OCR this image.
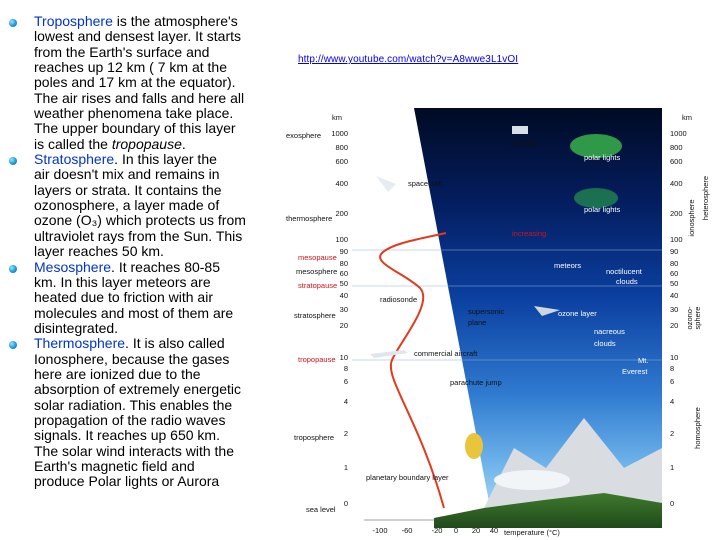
Troposphere is the atmosphere's
lowest and densest layer. It starts
from the Earth's surface and
reaches up 12 km ( 7 km at the
poles and 17 km at the equator).
The air rises and falls and here all
weather phenomena take place.
The upper boundary of this layer
is called the tropopause.
Stratosphere. In this layer the
air doesn't mix and remains in
layers or strata. It contains the
ozonosphere, a layer made of
ozone (O₃) which protects us from
ultraviolet rays from the Sun. This
layer reaches 50 km.
Mesosphere. It reaches 80-85
km. In this layer meteors are
heated due to friction with air
molecules and most of them are
disintegrated.
Thermosphere. It is also called
Ionosphere, because the gases
here are ionized due to the
absorption of extremely energetic
solar radiation. This enables the
propagation of the radio waves
signals. It reaches up 650 km.
The solar wind interacts with the
Earth's magnetic field and
produce Polar lights or Aurora
http://www.youtube.com/watch?v=A8wwe3L1vOI
km	km
1000
800
600
400
200
100
90
80
60
50
40
30
20
10
8
6
4
2
1
0
1000
800
600
400
200
100
90
80
60
50
40
30
20
10
8
6
4
2
1
0
exosphere
thermosphere
mesopause
mesosphere
stratopause
stratosphere
tropopause
troposphere
sea level
heterosphere
ionosphere
ozono- sphere
homosphere
satellite
polar lights
spacecraft
polar lights
increasing
meteors
noctilucent
clouds
radiosonde
supersonic
plane
ozone layer
nacreous
clouds
commercial aircraft
Mt.
Everest
parachute jump
planetary boundary layer
-100 -60	-20 0 20 40 temperature (°C)
